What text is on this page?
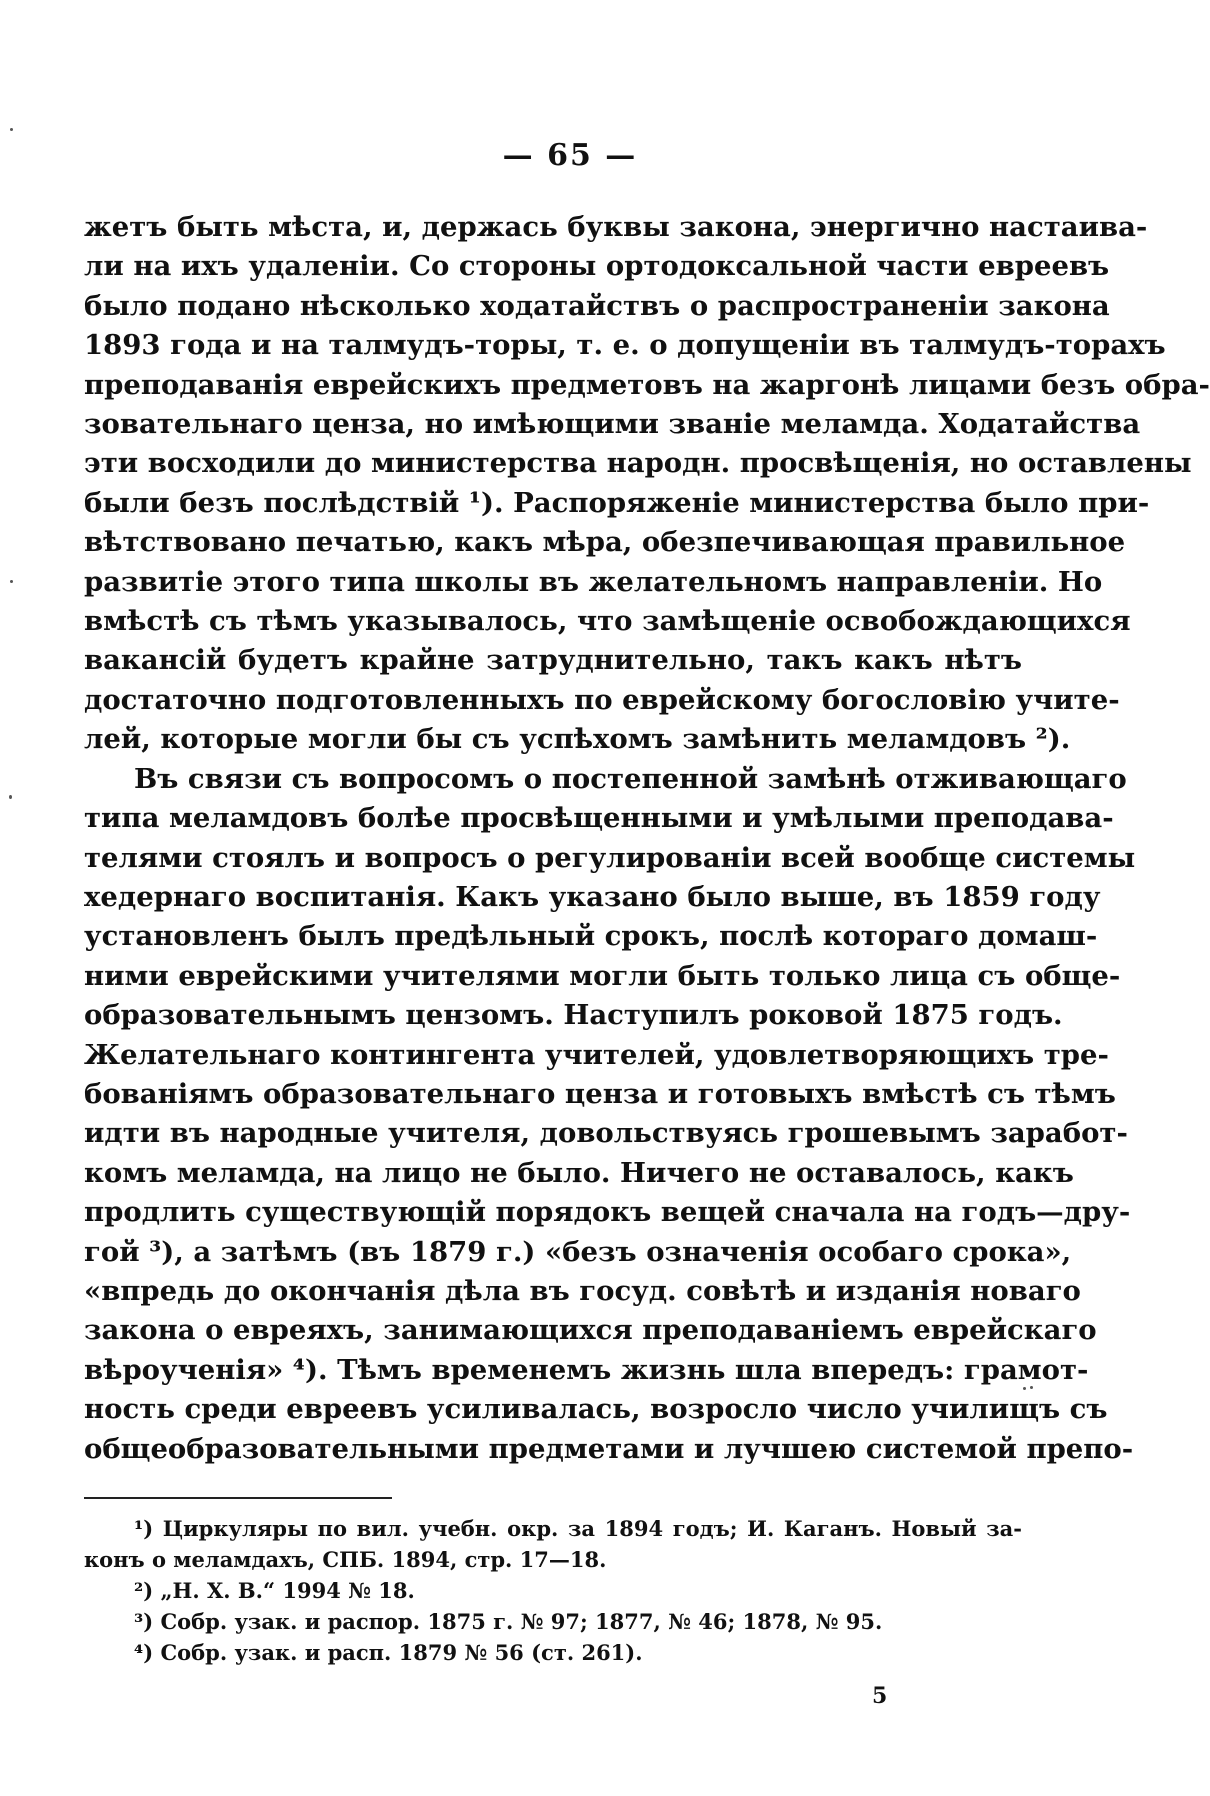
— 65 —
жетъ быть мѣста, и, держась буквы закона, энергично настаива-
ли на ихъ удаленіи. Со стороны ортодоксальной части евреевъ
было подано нѣсколько ходатайствъ о распространеніи закона
1893 года и на талмудъ-торы, т. е. о допущеніи въ талмудъ-торахъ
преподаванія еврейскихъ предметовъ на жаргонѣ лицами безъ обра-
зовательнаго ценза, но имѣющими званіе меламда. Ходатайства
эти восходили до министерства народн. просвѣщенія, но оставлены
были безъ послѣдствій ¹). Распоряженіе министерства было при-
вѣтствовано печатью, какъ мѣра, обезпечивающая правильное
развитіе этого типа школы въ желательномъ направленіи. Но
вмѣстѣ съ тѣмъ указывалось, что замѣщеніе освобождающихся
вакансій будетъ крайне затруднительно, такъ какъ нѣтъ
достаточно подготовленныхъ по еврейскому богословію учите-
лей, которые могли бы съ успѣхомъ замѣнить меламдовъ ²).
Въ связи съ вопросомъ о постепенной замѣнѣ отживающаго
типа меламдовъ болѣе просвѣщенными и умѣлыми преподава-
телями стоялъ и вопросъ о регулированіи всей вообще системы
хедернаго воспитанія. Какъ указано было выше, въ 1859 году
установленъ былъ предѣльный срокъ, послѣ котораго домаш-
ними еврейскими учителями могли быть только лица съ обще-
образовательнымъ цензомъ. Наступилъ роковой 1875 годъ.
Желательнаго контингента учителей, удовлетворяющихъ тре-
бованіямъ образовательнаго ценза и готовыхъ вмѣстѣ съ тѣмъ
идти въ народные учителя, довольствуясь грошевымъ заработ-
комъ меламда, на лицо не было. Ничего не оставалось, какъ
продлить существующій порядокъ вещей сначала на годъ—дру-
гой ³), а затѣмъ (въ 1879 г.) «безъ означенія особаго срока»,
«впредь до окончанія дѣла въ госуд. совѣтѣ и изданія новаго
закона о евреяхъ, занимающихся преподаваніемъ еврейскаго
вѣроученія» ⁴). Тѣмъ временемъ жизнь шла впередъ: грамот-
ность среди евреевъ усиливалась, возросло число училищъ съ
общеобразовательными предметами и лучшею системой препо-
¹) Циркуляры по вил. учебн. окр. за 1894 годъ; И. Каганъ. Новый за-
конъ о меламдахъ, СПБ. 1894, стр. 17—18.
²) „Н. Х. В.“ 1994 № 18.
³) Собр. узак. и распор. 1875 г. № 97; 1877, № 46; 1878, № 95.
⁴) Собр. узак. и расп. 1879 № 56 (ст. 261).
5
